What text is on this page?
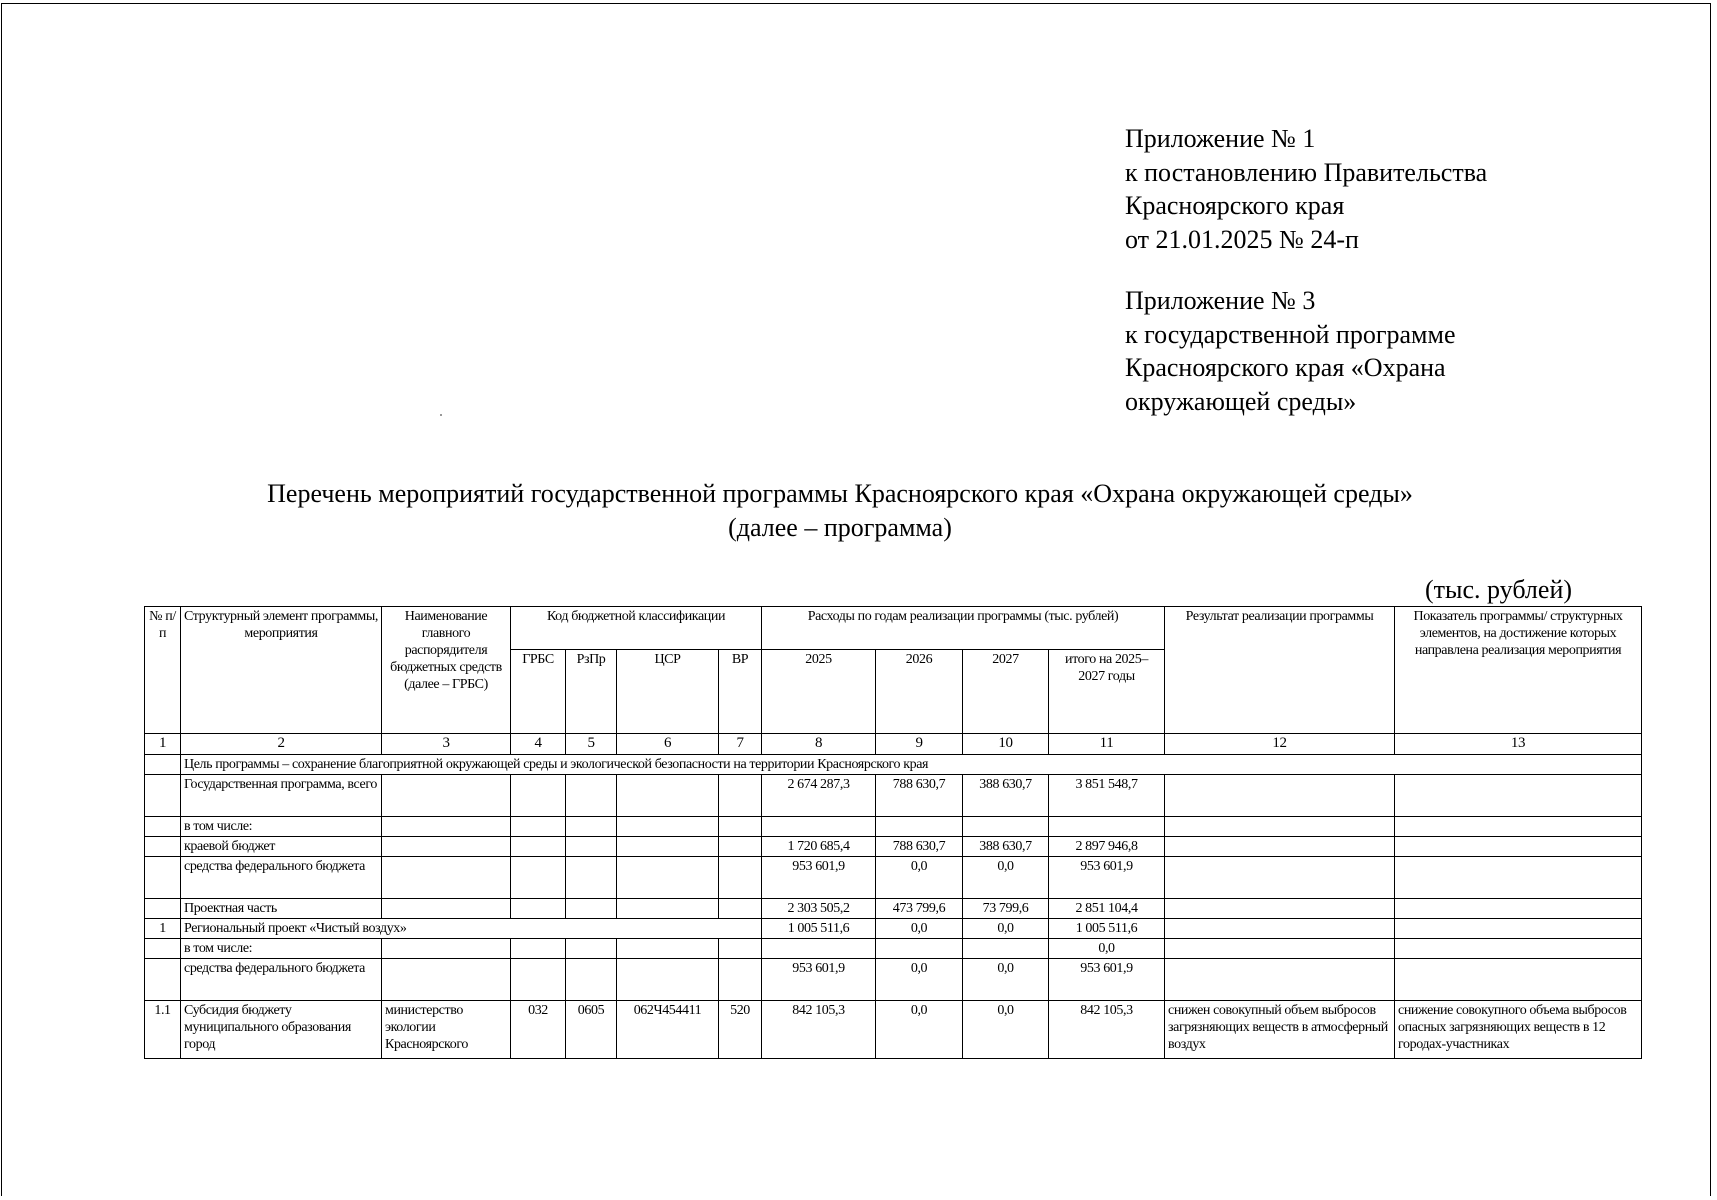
Приложение № 1
к постановлению Правительства
Красноярского края
от 21.01.2025 № 24-п
Приложение № 3
к государственной программе
Красноярского края «Охрана
окружающей среды»
Перечень мероприятий государственной программы Красноярского края «Охрана окружающей среды»
(далее – программа)
(тыс. рублей)
№ п/п	Структурный элемент программы, мероприятия	Наименование главного распорядителя бюджетных средств (далее – ГРБС)	Код бюджетной классификации				Расходы по годам реализации программы (тыс. рублей)				Результат реализации программы	Показатель программы/ структурных элементов, на достижение которых направлена реализация мероприятия
			ГРБС	РзПр	ЦСР	ВР	2025	2026	2027	итого на 2025–2027 годы		
1	2	3	4	5	6	7	8	9	10	11	12	13
	Цель программы – сохранение благоприятной окружающей среды и экологической безопасности на территории Красноярского края											
	Государственная программа, всего						2 674 287,3	788 630,7	388 630,7	3 851 548,7		
	в том числе:											
	краевой бюджет						1 720 685,4	788 630,7	388 630,7	2 897 946,8		
	средства федерального бюджета						953 601,9	0,0	0,0	953 601,9		
	Проектная часть						2 303 505,2	473 799,6	73 799,6	2 851 104,4		
1	Региональный проект «Чистый воздух»						1 005 511,6	0,0	0,0	1 005 511,6		
	в том числе:									0,0		
	средства федерального бюджета						953 601,9	0,0	0,0	953 601,9		
1.1	Субсидия бюджету муниципального образования город	министерство экологии Красноярского	032	0605	062Ч454411	520	842 105,3	0,0	0,0	842 105,3	снижен совокупный объем выбросов загрязняющих веществ в атмосферный воздух	снижение совокупного объема выбросов опасных загрязняющих веществ в 12 городах-участниках
